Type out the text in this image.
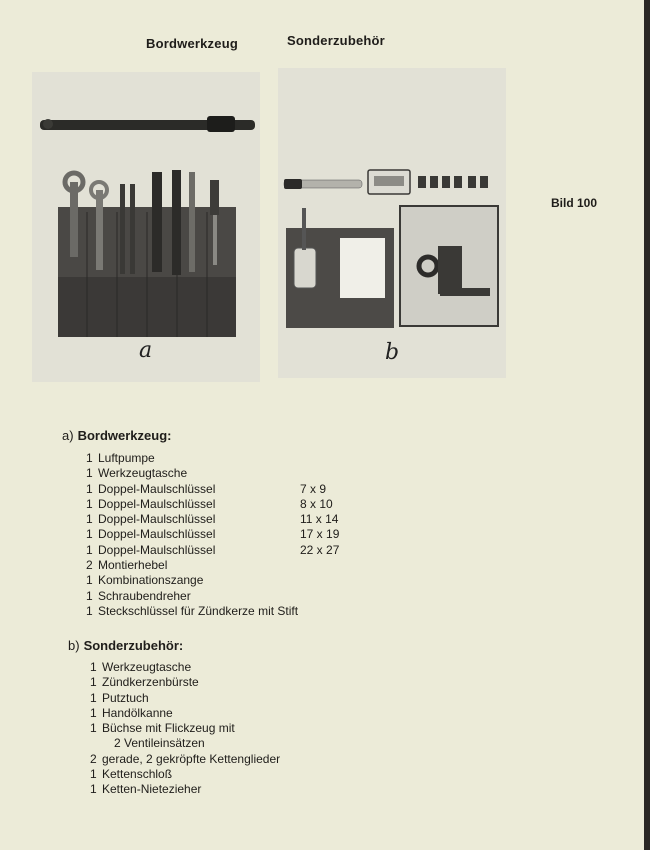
Bordwerkzeug	Sonderzubehör
a	b
Bild 100
a) Bordwerkzeug:
1 Luftpumpe
1 Werkzeugtasche
1 Doppel-Maulschlüssel	7 x 9
1 Doppel-Maulschlüssel	8 x 10
1 Doppel-Maulschlüssel	11 x 14
1 Doppel-Maulschlüssel	17 x 19
1 Doppel-Maulschlüssel	22 x 27
2 Montierhebel
1 Kombinationszange
1 Schraubendreher
1 Steckschlüssel für Zündkerze mit Stift
b) Sonderzubehör:
1 Werkzeugtasche
1 Zündkerzenbürste
1 Putztuch
1 Handölkanne
1 Büchse mit Flickzeug mit
2 Ventileinsätzen
2 gerade, 2 gekröpfte Kettenglieder
1 Kettenschloß
1 Ketten-Nietezieher
